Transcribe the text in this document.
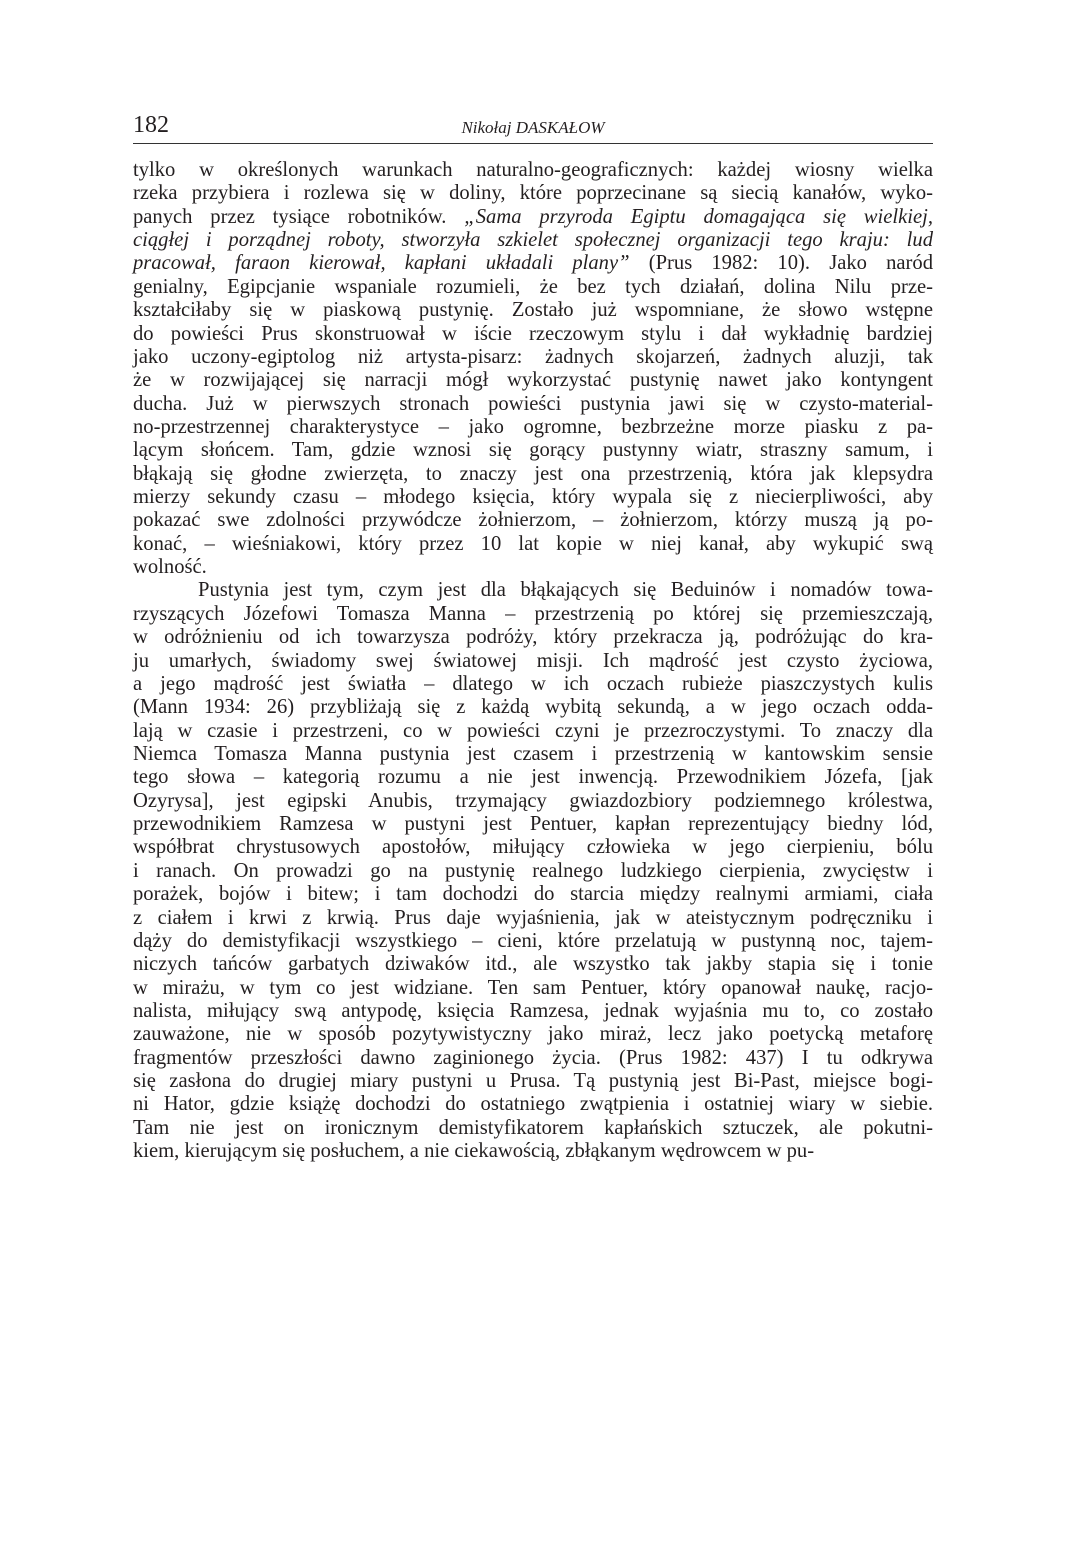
182	Nikołaj DASKAŁOW
tylko w określonych warunkach naturalno-geograficznych: każdej wiosny wielka
rzeka przybiera i rozlewa się w doliny, które poprzecinane są siecią kanałów, wyko-
panych przez tysiące robotników. „Sama przyroda Egiptu domagająca się wielkiej,
ciągłej i porządnej roboty, stworzyła szkielet społecznej organizacji tego kraju: lud
pracował, faraon kierował, kapłani układali plany” (Prus 1982: 10). Jako naród
genialny, Egipcjanie wspaniale rozumieli, że bez tych działań, dolina Nilu prze-
kształciłaby się w piaskową pustynię. Zostało już wspomniane, że słowo wstępne
do powieści Prus skonstruował w iście rzeczowym stylu i dał wykładnię bardziej
jako uczony-egiptolog niż artysta-pisarz: żadnych skojarzeń, żadnych aluzji, tak
że w rozwijającej się narracji mógł wykorzystać pustynię nawet jako kontyngent
ducha. Już w pierwszych stronach powieści pustynia jawi się w czysto-material-
no-przestrzennej charakterystyce – jako ogromne, bezbrzeżne morze piasku z pa-
lącym słońcem. Tam, gdzie wznosi się gorący pustynny wiatr, straszny samum, i
błąkają się głodne zwierzęta, to znaczy jest ona przestrzenią, która jak klepsydra
mierzy sekundy czasu – młodego księcia, który wypala się z niecierpliwości, aby
pokazać swe zdolności przywódcze żołnierzom, – żołnierzom, którzy muszą ją po-
konać, – wieśniakowi, który przez 10 lat kopie w niej kanał, aby wykupić swą
wolność.
Pustynia jest tym, czym jest dla błąkających się Beduinów i nomadów towa-
rzyszących Józefowi Tomasza Manna – przestrzenią po której się przemieszczają,
w odróżnieniu od ich towarzysza podróży, który przekracza ją, podróżując do kra-
ju umarłych, świadomy swej światowej misji. Ich mądrość jest czysto życiowa,
a jego mądrość jest światła – dlatego w ich oczach rubieże piaszczystych kulis
(Mann 1934: 26) przybliżają się z każdą wybitą sekundą, a w jego oczach odda-
lają w czasie i przestrzeni, co w powieści czyni je przezroczystymi. To znaczy dla
Niemca Tomasza Manna pustynia jest czasem i przestrzenią w kantowskim sensie
tego słowa – kategorią rozumu a nie jest inwencją. Przewodnikiem Józefa, [jak
Ozyrysa], jest egipski Anubis, trzymający gwiazdozbiory podziemnego królestwa,
przewodnikiem Ramzesa w pustyni jest Pentuer, kapłan reprezentujący biedny lód,
współbrat chrystusowych apostołów, miłujący człowieka w jego cierpieniu, bólu
i ranach. On prowadzi go na pustynię realnego ludzkiego cierpienia, zwycięstw i
porażek, bojów i bitew; i tam dochodzi do starcia między realnymi armiami, ciała
z ciałem i krwi z krwią. Prus daje wyjaśnienia, jak w ateistycznym podręczniku i
dąży do demistyfikacji wszystkiego – cieni, które przelatują w pustynną noc, tajem-
niczych tańców garbatych dziwaków itd., ale wszystko tak jakby stapia się i tonie
w mirażu, w tym co jest widziane. Ten sam Pentuer, który opanował naukę, racjo-
nalista, miłujący swą antypodę, księcia Ramzesa, jednak wyjaśnia mu to, co zostało
zauważone, nie w sposób pozytywistyczny jako miraż, lecz jako poetycką metaforę
fragmentów przeszłości dawno zaginionego życia. (Prus 1982: 437) I tu odkrywa
się zasłona do drugiej miary pustyni u Prusa. Tą pustynią jest Bi-Past, miejsce bogi-
ni Hator, gdzie książę dochodzi do ostatniego zwątpienia i ostatniej wiary w siebie.
Tam nie jest on ironicznym demistyfikatorem kapłańskich sztuczek, ale pokutni-
kiem, kierującym się posłuchem, a nie ciekawością, zbłąkanym wędrowcem w pu-
